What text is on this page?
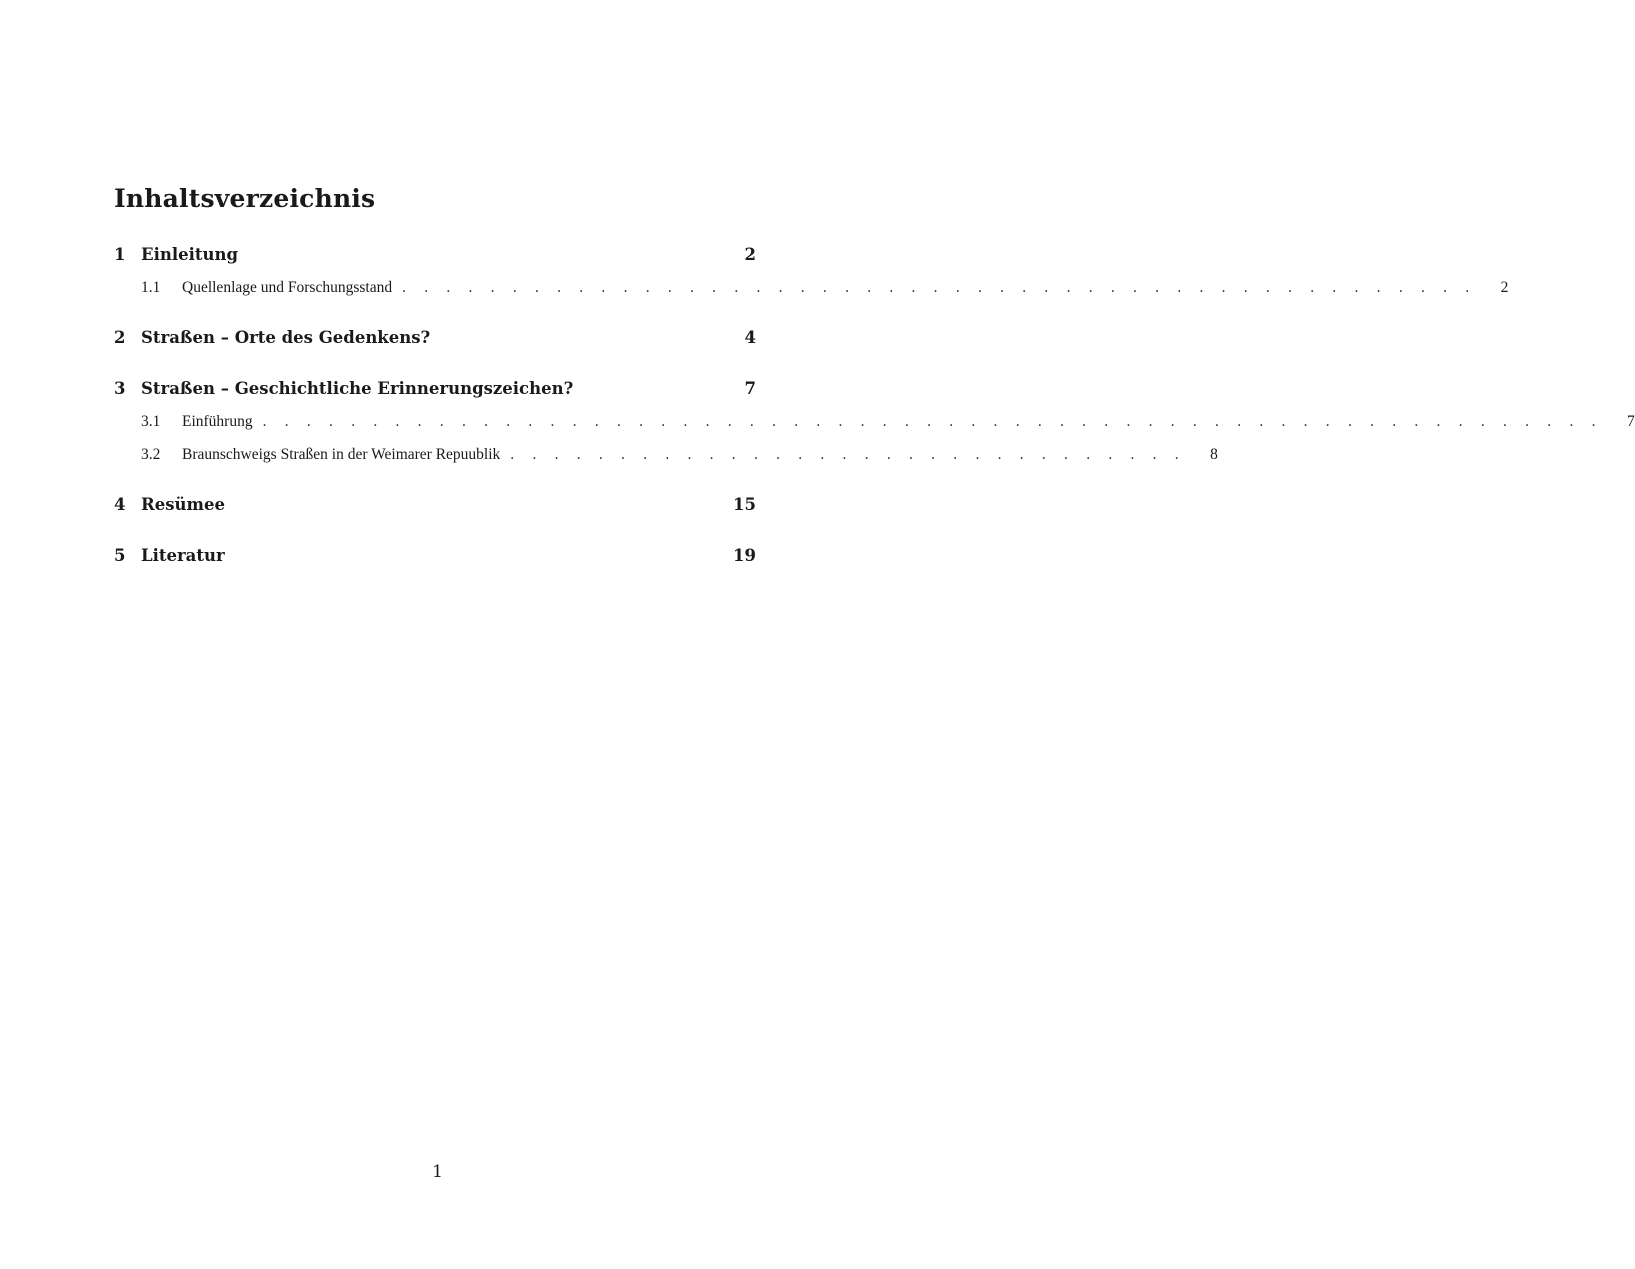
Inhaltsverzeichnis
1 Einleitung	2
1.1	Quellenlage und Forschungsstand . . . . . . . . . . . . . . . . . . . . . . . . . . . . . . . . . . . . . . . . . . . . . . . . .	2
2 Straßen – Orte des Gedenkens?	4
3 Straßen – Geschichtliche Erinnerungszeichen?	7
3.1	Einführung . . . . . . . . . . . . . . . . . . . . . . . . . . . . . . . . . . . . . . . . . . . . . . . . . . . . . . . . . . . . .	7
3.2	Braunschweigs Straßen in der Weimarer Repuublik . . . . . . . . . . . . . . . . . . . . . . . . . . . . . . .	8
4 Resümee	15
5 Literatur	19
1
